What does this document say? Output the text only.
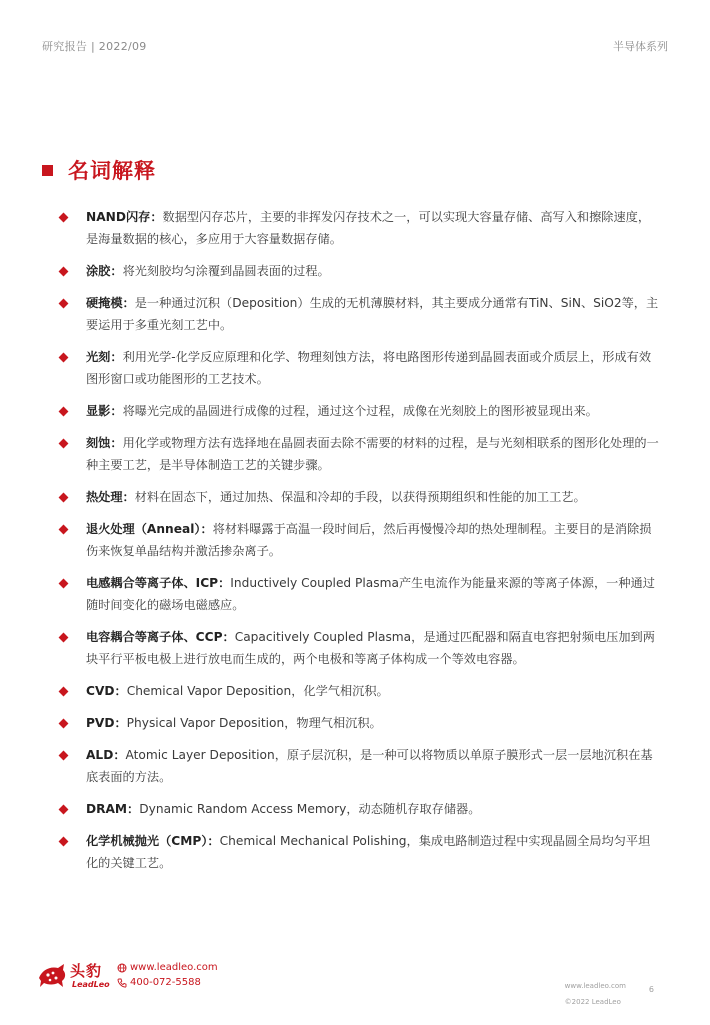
研究报告 | 2022/09	半导体系列
名词解释
NAND闪存：数据型闪存芯片，主要的非挥发闪存技术之一，可以实现大容量存储、高写入和擦除速度，是海量数据的核心，多应用于大容量数据存储。
涂胶：将光刻胶均匀涂覆到晶圆表面的过程。
硬掩模：是一种通过沉积（Deposition）生成的无机薄膜材料，其主要成分通常有TiN、SiN、SiO2等，主要运用于多重光刻工艺中。
光刻：利用光学-化学反应原理和化学、物理刻蚀方法，将电路图形传递到晶圆表面或介质层上，形成有效图形窗口或功能图形的工艺技术。
显影：将曝光完成的晶圆进行成像的过程，通过这个过程，成像在光刻胶上的图形被显现出来。
刻蚀：用化学或物理方法有选择地在晶圆表面去除不需要的材料的过程，是与光刻相联系的图形化处理的一种主要工艺，是半导体制造工艺的关键步骤。
热处理：材料在固态下，通过加热、保温和冷却的手段，以获得预期组织和性能的加工工艺。
退火处理（Anneal）：将材料曝露于高温一段时间后，然后再慢慢冷却的热处理制程。主要目的是消除损伤来恢复单晶结构并激活掺杂离子。
电感耦合等离子体、ICP：Inductively Coupled Plasma产生电流作为能量来源的等离子体源，一种通过随时间变化的磁场电磁感应。
电容耦合等离子体、CCP：Capacitively Coupled Plasma，是通过匹配器和隔直电容把射频电压加到两块平行平板电极上进行放电而生成的，两个电极和等离子体构成一个等效电容器。
CVD：Chemical Vapor Deposition，化学气相沉积。
PVD：Physical Vapor Deposition，物理气相沉积。
ALD：Atomic Layer Deposition，原子层沉积，是一种可以将物质以单原子膜形式一层一层地沉积在基底表面的方法。
DRAM：Dynamic Random Access Memory，动态随机存取存储器。
化学机械抛光（CMP）：Chemical Mechanical Polishing，集成电路制造过程中实现晶圆全局均匀平坦化的关键工艺。
头豹
LeadLeo
www.leadleo.com
400-072-5588	www.leadleo.com
©2022 LeadLeo
6
